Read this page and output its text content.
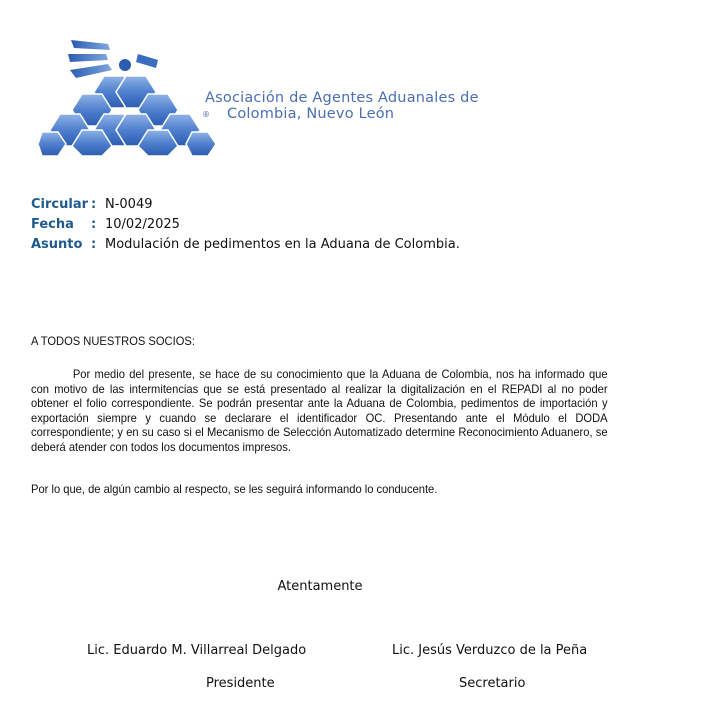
Asociación de Agentes Aduanales de
Colombia, Nuevo León
®
Circular : N-0049
Fecha : 10/02/2025
Asunto : Modulación de pedimentos en la Aduana de Colombia.
A TODOS NUESTROS SOCIOS:
Por medio del presente, se hace de su conocimiento que la Aduana de Colombia, nos ha informado que con motivo de las intermitencias que se está presentado al realizar la digitalización en el REPADI al no poder obtener el folio correspondiente. Se podrán presentar ante la Aduana de Colombia, pedimentos de importación y exportación siempre y cuando se declarare el identificador OC. Presentando ante el Módulo el DODA correspondiente; y en su caso si el Mecanismo de Selección Automatizado determine Reconocimiento Aduanero, se deberá atender con todos los documentos impresos.
Por lo que, de algún cambio al respecto, se les seguirá informando lo conducente.
Atentamente
Lic. Eduardo M. Villarreal Delgado	Lic. Jesús Verduzco de la Peña
Presidente	Secretario
